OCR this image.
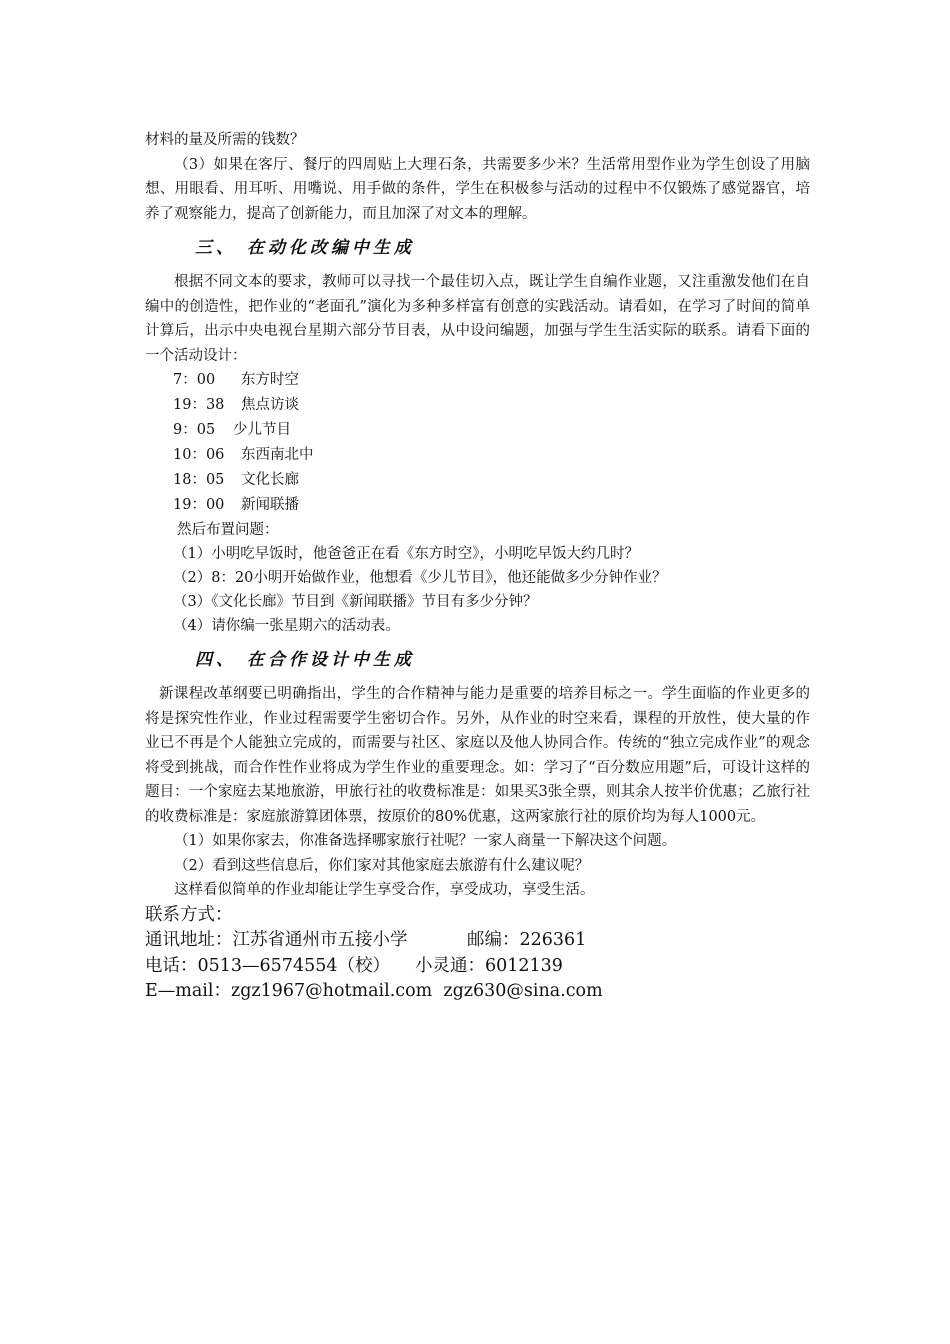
材料的量及所需的钱数？

（3）如果在客厅、餐厅的四周贴上大理石条，共需要多少米？生活常用型作业为学生创设了用脑想、用眼看、用耳听、用嘴说、用手做的条件，学生在积极参与活动的过程中不仅锻炼了感觉器官，培养了观察能力，提高了创新能力，而且加深了对文本的理解。

三、 在动化改编中生成

根据不同文本的要求，教师可以寻找一个最佳切入点，既让学生自编作业题，又注重激发他们在自编中的创造性，把作业的“老面孔”演化为多种多样富有创意的实践活动。请看如，在学习了时间的简单计算后，出示中央电视台星期六部分节目表，从中设问编题，加强与学生生活实际的联系。请看下面的一个活动设计：

7：00 东方时空

19：38 焦点访谈

9：05 少儿节目

10：06 东西南北中

18：05 文化长廊

19：00 新闻联播

然后布置问题：

（1）小明吃早饭时，他爸爸正在看《东方时空》，小明吃早饭大约几时？

（2）8：20小明开始做作业，他想看《少儿节目》，他还能做多少分钟作业？

（3）《文化长廊》节目到《新闻联播》节目有多少分钟？

（4）请你编一张星期六的活动表。

四、 在合作设计中生成

新课程改革纲要已明确指出，学生的合作精神与能力是重要的培养目标之一。学生面临的作业更多的将是探究性作业，作业过程需要学生密切合作。另外，从作业的时空来看，课程的开放性，使大量的作业已不再是个人能独立完成的，而需要与社区、家庭以及他人协同合作。传统的“独立完成作业”的观念将受到挑战，而合作性作业将成为学生作业的重要理念。如：学习了“百分数应用题”后，可设计这样的题目：一个家庭去某地旅游，甲旅行社的收费标准是：如果买3张全票，则其余人按半价优惠；乙旅行社的收费标准是：家庭旅游算团体票，按原价的80%优惠，这两家旅行社的原价均为每人1000元。

（1）如果你家去，你准备选择哪家旅行社呢？一家人商量一下解决这个问题。

（2）看到这些信息后，你们家对其他家庭去旅游有什么建议呢？

这样看似简单的作业却能让学生享受合作，享受成功，享受生活。

联系方式：

通讯地址：江苏省通州市五接小学	邮编：226361

电话：0513—6574554（校） 小灵通：6012139

E—mail：zgz1967@hotmail.com  zgz630@sina.com
